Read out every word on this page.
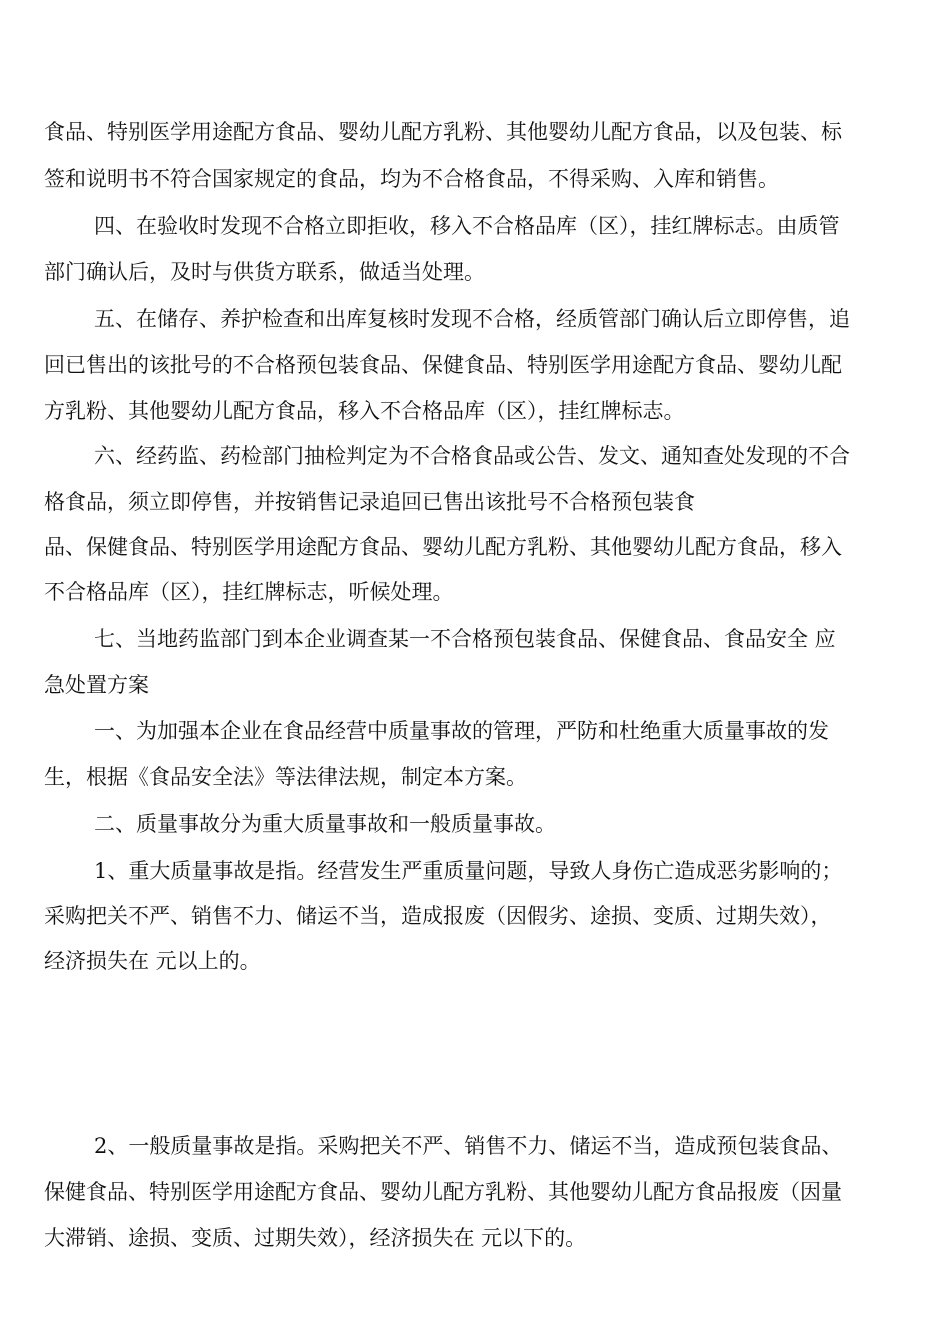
食品、特别医学用途配方食品、婴幼儿配方乳粉、其他婴幼儿配方食品，以及包装、标
签和说明书不符合国家规定的食品，均为不合格食品，不得采购、入库和销售。
四、在验收时发现不合格立即拒收，移入不合格品库（区），挂红牌标志。由质管
部门确认后，及时与供货方联系，做适当处理。
五、在储存、养护检查和出库复核时发现不合格，经质管部门确认后立即停售，追
回已售出的该批号的不合格预包装食品、保健食品、特别医学用途配方食品、婴幼儿配
方乳粉、其他婴幼儿配方食品，移入不合格品库（区），挂红牌标志。
六、经药监、药检部门抽检判定为不合格食品或公告、发文、通知查处发现的不合
格食品，须立即停售，并按销售记录追回已售出该批号不合格预包装食
品、保健食品、特别医学用途配方食品、婴幼儿配方乳粉、其他婴幼儿配方食品，移入
不合格品库（区），挂红牌标志，听候处理。
七、当地药监部门到本企业调查某一不合格预包装食品、保健食品、食品安全 应
急处置方案
一、为加强本企业在食品经营中质量事故的管理，严防和杜绝重大质量事故的发
生，根据《食品安全法》等法律法规，制定本方案。
二、质量事故分为重大质量事故和一般质量事故。
1、重大质量事故是指。经营发生严重质量问题，导致人身伤亡造成恶劣影响的；
采购把关不严、销售不力、储运不当，造成报废（因假劣、途损、变质、过期失效），
经济损失在 元以上的。
2、一般质量事故是指。采购把关不严、销售不力、储运不当，造成预包装食品、
保健食品、特别医学用途配方食品、婴幼儿配方乳粉、其他婴幼儿配方食品报废（因量
大滞销、途损、变质、过期失效），经济损失在 元以下的。
